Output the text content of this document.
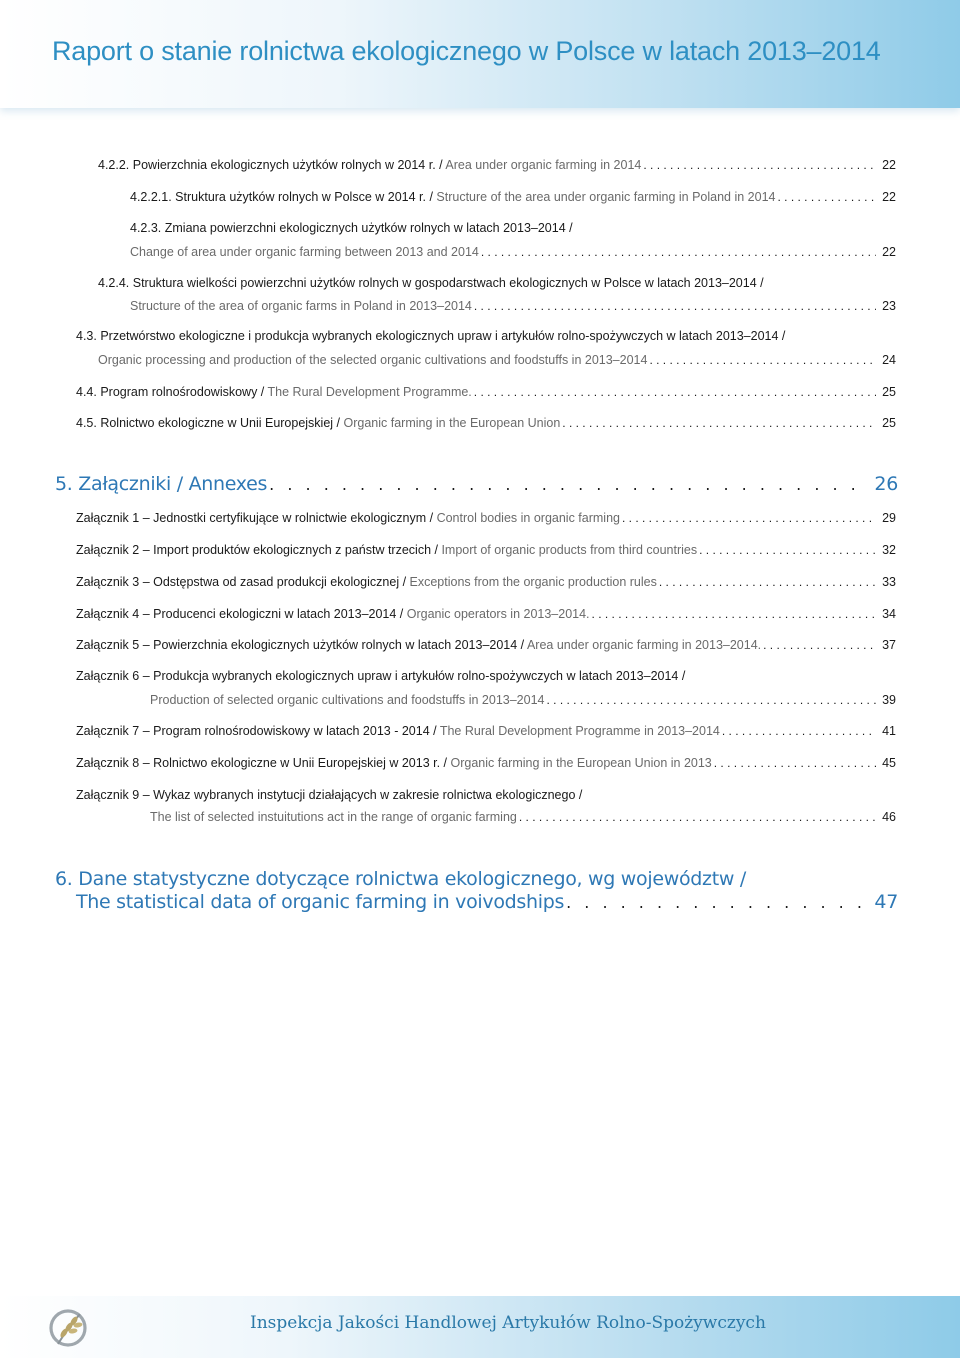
Raport o stanie rolnictwa ekologicznego w Polsce w latach 2013–2014
4.2.2. Powierzchnia ekologicznych użytków rolnych w 2014 r. / Area under organic farming in 2014 . . .	22
4.2.2.1. Struktura użytków rolnych w Polsce w 2014 r. / Structure of the area under organic farming in Poland in 2014 . . .	22
4.2.3. Zmiana powierzchni ekologicznych użytków rolnych w latach 2013–2014 /
Change of area under organic farming between 2013 and 2014 . . .	22
4.2.4. Struktura wielkości powierzchni użytków rolnych w gospodarstwach ekologicznych w Polsce w latach 2013–2014 /
Structure of the area of organic farms in Poland in 2013–2014 . . .	23
4.3. Przetwórstwo ekologiczne i produkcja wybranych ekologicznych upraw i artykułów rolno-spożywczych w latach 2013–2014 /
Organic processing and production of the selected organic cultivations and foodstuffs in 2013–2014 . . .	24
4.4. Program rolnośrodowiskowy / The Rural Development Programme. . . .	25
4.5. Rolnictwo ekologiczne w Unii Europejskiej / Organic farming in the European Union . . .	25
5. Załączniki / Annexes . . .	26
Załącznik 1 – Jednostki certyfikujące w rolnictwie ekologicznym / Control bodies in organic farming . . .	29
Załącznik 2 – Import produktów ekologicznych z państw trzecich / Import of organic products from third countries . . .	32
Załącznik 3 – Odstępstwa od zasad produkcji ekologicznej / Exceptions from the organic production rules . . .	33
Załącznik 4 – Producenci ekologiczni w latach 2013–2014 / Organic operators in 2013–2014. . . .	34
Załącznik 5 – Powierzchnia ekologicznych użytków rolnych w latach 2013–2014 / Area under organic farming in 2013–2014. . . .	37
Załącznik 6 – Produkcja wybranych ekologicznych upraw i artykułów rolno-spożywczych w latach 2013–2014 /
Production of selected organic cultivations and foodstuffs in 2013–2014 . . .	39
Załącznik 7 – Program rolnośrodowiskowy w latach 2013 - 2014 / The Rural Development Programme in 2013–2014 . . .	41
Załącznik 8 – Rolnictwo ekologiczne w Unii Europejskiej w 2013 r. / Organic farming in the European Union in 2013 . . .	45
Załącznik 9 – Wykaz wybranych instytucji działających w zakresie rolnictwa ekologicznego /
The list of selected instuitutions act in the range of organic farming . . .	46
6. Dane statystyczne dotyczące rolnictwa ekologicznego, wg województw /
The statistical data of organic farming in voivodships . . .	47
Inspekcja Jakości Handlowej Artykułów Rolno-Spożywczych
